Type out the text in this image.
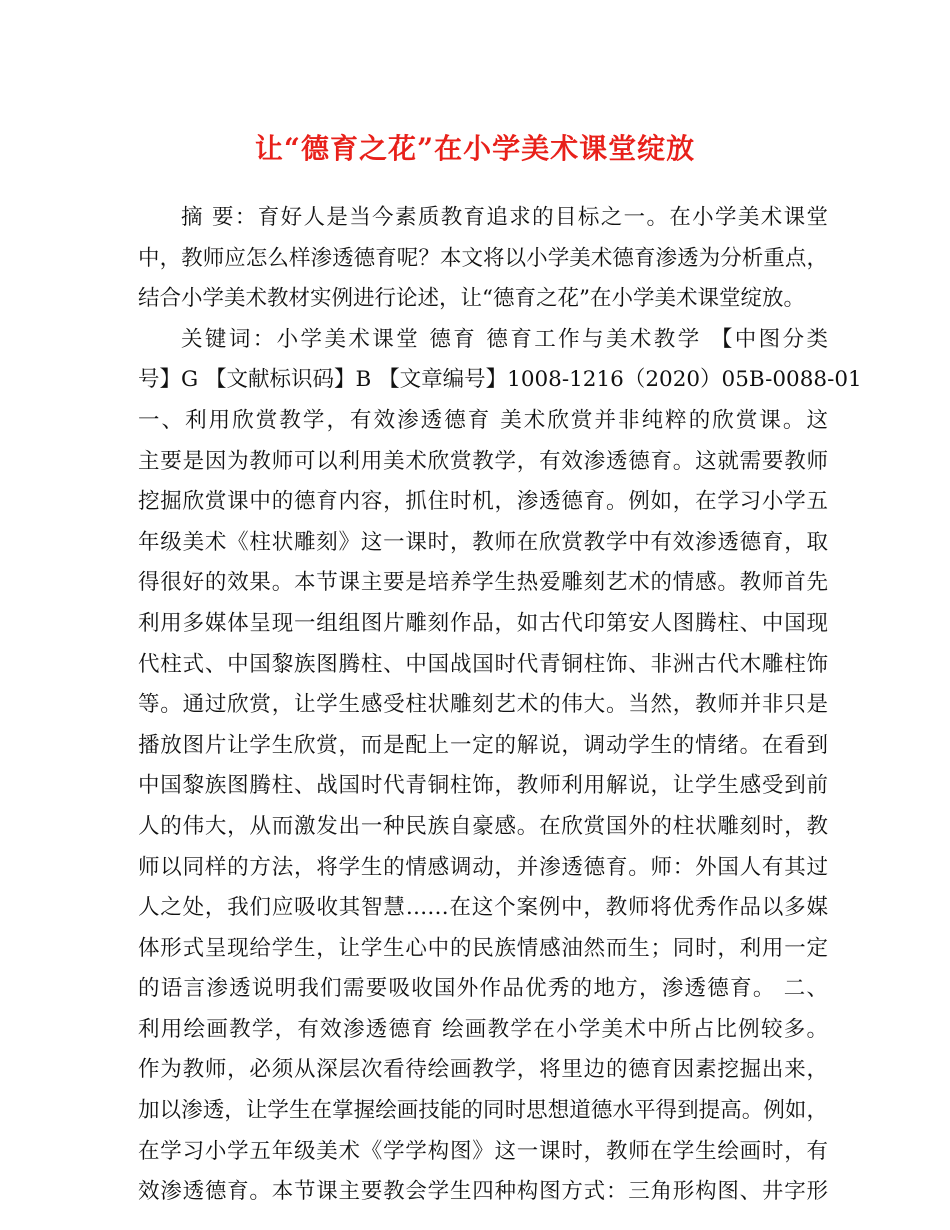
让“德育之花”在小学美术课堂绽放
摘 要：育好人是当今素质教育追求的目标之一。在小学美术课堂
中，教师应怎么样渗透德育呢？本文将以小学美术德育渗透为分析重点，
结合小学美术教材实例进行论述，让“德育之花”在小学美术课堂绽放。
关键词：小学美术课堂 德育 德育工作与美术教学 【中图分类
号】G 【文献标识码】B 【文章编号】1008-1216（2020）05B-0088-01
一、利用欣赏教学，有效渗透德育 美术欣赏并非纯粹的欣赏课。这
主要是因为教师可以利用美术欣赏教学，有效渗透德育。这就需要教师
挖掘欣赏课中的德育内容，抓住时机，渗透德育。例如，在学习小学五
年级美术《柱状雕刻》这一课时，教师在欣赏教学中有效渗透德育，取
得很好的效果。本节课主要是培养学生热爱雕刻艺术的情感。教师首先
利用多媒体呈现一组组图片雕刻作品，如古代印第安人图腾柱、中国现
代柱式、中国黎族图腾柱、中国战国时代青铜柱饰、非洲古代木雕柱饰
等。通过欣赏，让学生感受柱状雕刻艺术的伟大。当然，教师并非只是
播放图片让学生欣赏，而是配上一定的解说，调动学生的情绪。在看到
中国黎族图腾柱、战国时代青铜柱饰，教师利用解说，让学生感受到前
人的伟大，从而激发出一种民族自豪感。在欣赏国外的柱状雕刻时，教
师以同样的方法，将学生的情感调动，并渗透德育。师：外国人有其过
人之处，我们应吸收其智慧……在这个案例中，教师将优秀作品以多媒
体形式呈现给学生，让学生心中的民族情感油然而生；同时，利用一定
的语言渗透说明我们需要吸收国外作品优秀的地方，渗透德育。 二、
利用绘画教学，有效渗透德育 绘画教学在小学美术中所占比例较多。
作为教师，必须从深层次看待绘画教学，将里边的德育因素挖掘出来，
加以渗透，让学生在掌握绘画技能的同时思想道德水平得到提高。例如，
在学习小学五年级美术《学学构图》这一课时，教师在学生绘画时，有
效渗透德育。本节课主要教会学生四种构图方式：三角形构图、井字形
